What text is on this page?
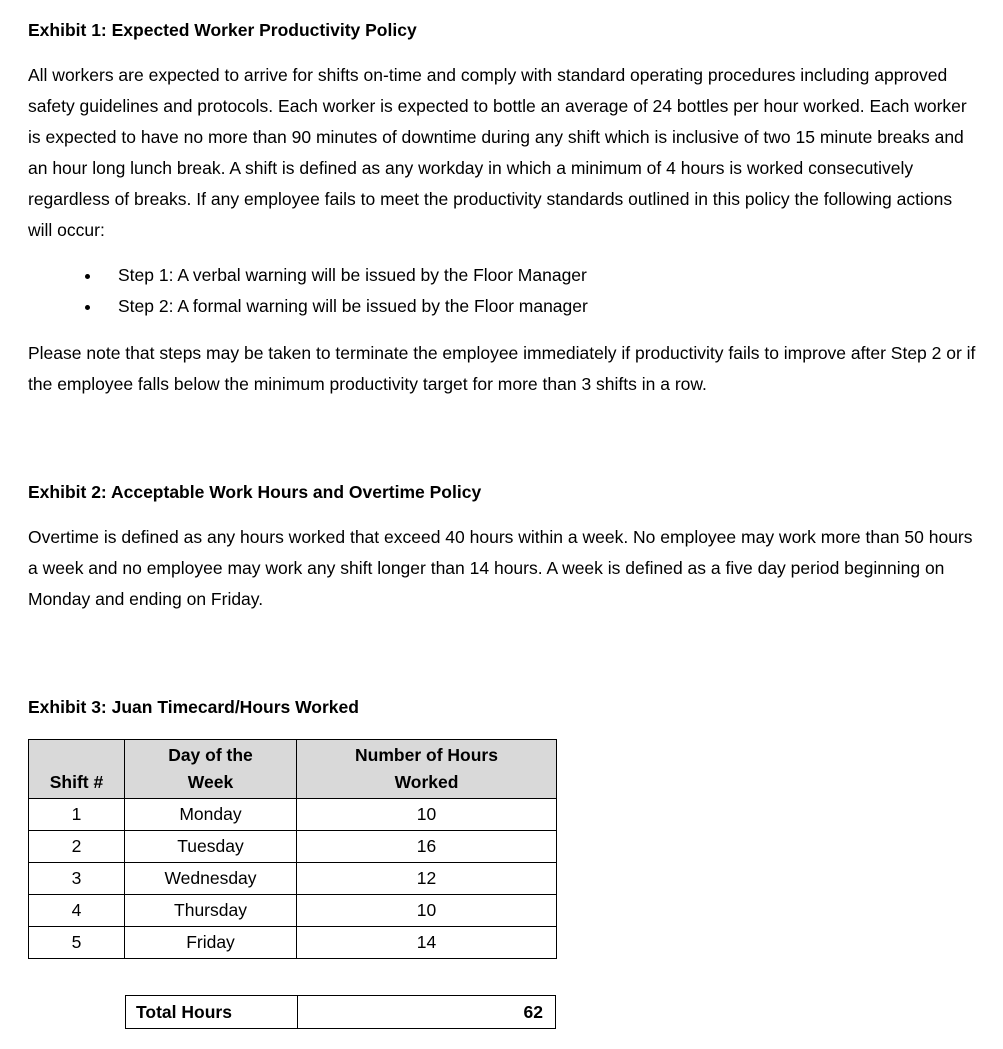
Exhibit 1: Expected Worker Productivity Policy

All workers are expected to arrive for shifts on-time and comply with standard operating procedures including approved safety guidelines and protocols. Each worker is expected to bottle an average of 24 bottles per hour worked. Each worker is expected to have no more than 90 minutes of downtime during any shift which is inclusive of two 15 minute breaks and an hour long lunch break. A shift is defined as any workday in which a minimum of 4 hours is worked consecutively regardless of breaks. If any employee fails to meet the productivity standards outlined in this policy the following actions will occur:

• Step 1: A verbal warning will be issued by the Floor Manager
• Step 2: A formal warning will be issued by the Floor manager

Please note that steps may be taken to terminate the employee immediately if productivity fails to improve after Step 2 or if the employee falls below the minimum productivity target for more than 3 shifts in a row.

Exhibit 2: Acceptable Work Hours and Overtime Policy

Overtime is defined as any hours worked that exceed 40 hours within a week. No employee may work more than 50 hours a week and no employee may work any shift longer than 14 hours. A week is defined as a five day period beginning on Monday and ending on Friday.

Exhibit 3: Juan Timecard/Hours Worked
Shift #	Day of the Week	Number of Hours Worked
1	Monday	10
2	Tuesday	16
3	Wednesday	12
4	Thursday	10
5	Friday	14
Total Hours	62
